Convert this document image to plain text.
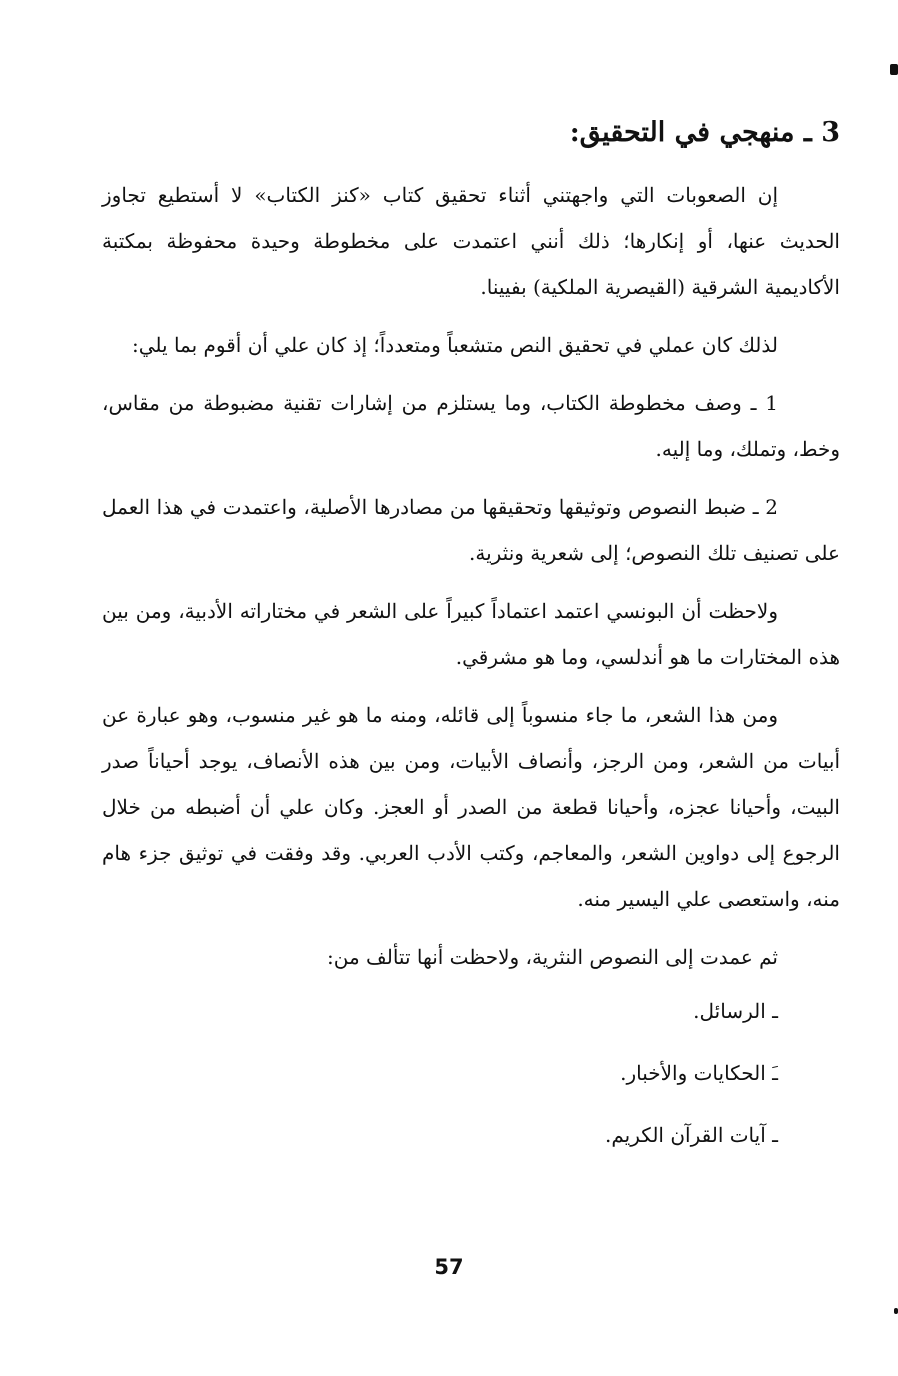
3 ـ منهجي في التحقيق:

إن الصعوبات التي واجهتني أثناء تحقيق كتاب «كنز الكتاب» لا أستطيع تجاوز الحديث عنها، أو إنكارها؛ ذلك أنني اعتمدت على مخطوطة وحيدة محفوظة بمكتبة الأكاديمية الشرقية (القيصرية الملكية) بفيينا.

لذلك كان عملي في تحقيق النص متشعباً ومتعدداً؛ إذ كان علي أن أقوم بما يلي:

1 ـ وصف مخطوطة الكتاب، وما يستلزم من إشارات تقنية مضبوطة من مقاس، وخط، وتملك، وما إليه.

2 ـ ضبط النصوص وتوثيقها وتحقيقها من مصادرها الأصلية، واعتمدت في هذا العمل على تصنيف تلك النصوص؛ إلى شعرية ونثرية.

ولاحظت أن البونسي اعتمد اعتماداً كبيراً على الشعر في مختاراته الأدبية، ومن بين هذه المختارات ما هو أندلسي، وما هو مشرقي.

ومن هذا الشعر، ما جاء منسوباً إلى قائله، ومنه ما هو غير منسوب، وهو عبارة عن أبيات من الشعر، ومن الرجز، وأنصاف الأبيات، ومن بين هذه الأنصاف، يوجد أحياناً صدر البيت، وأحيانا عجزه، وأحيانا قطعة من الصدر أو العجز. وكان علي أن أضبطه من خلال الرجوع إلى دواوين الشعر، والمعاجم، وكتب الأدب العربي. وقد وفقت في توثيق جزء هام منه، واستعصى علي اليسير منه.

ثم عمدت إلى النصوص النثرية، ولاحظت أنها تتألف من:

ـ الرسائل.
ـَ الحكايات والأخبار.
ـ آيات القرآن الكريم.
57
